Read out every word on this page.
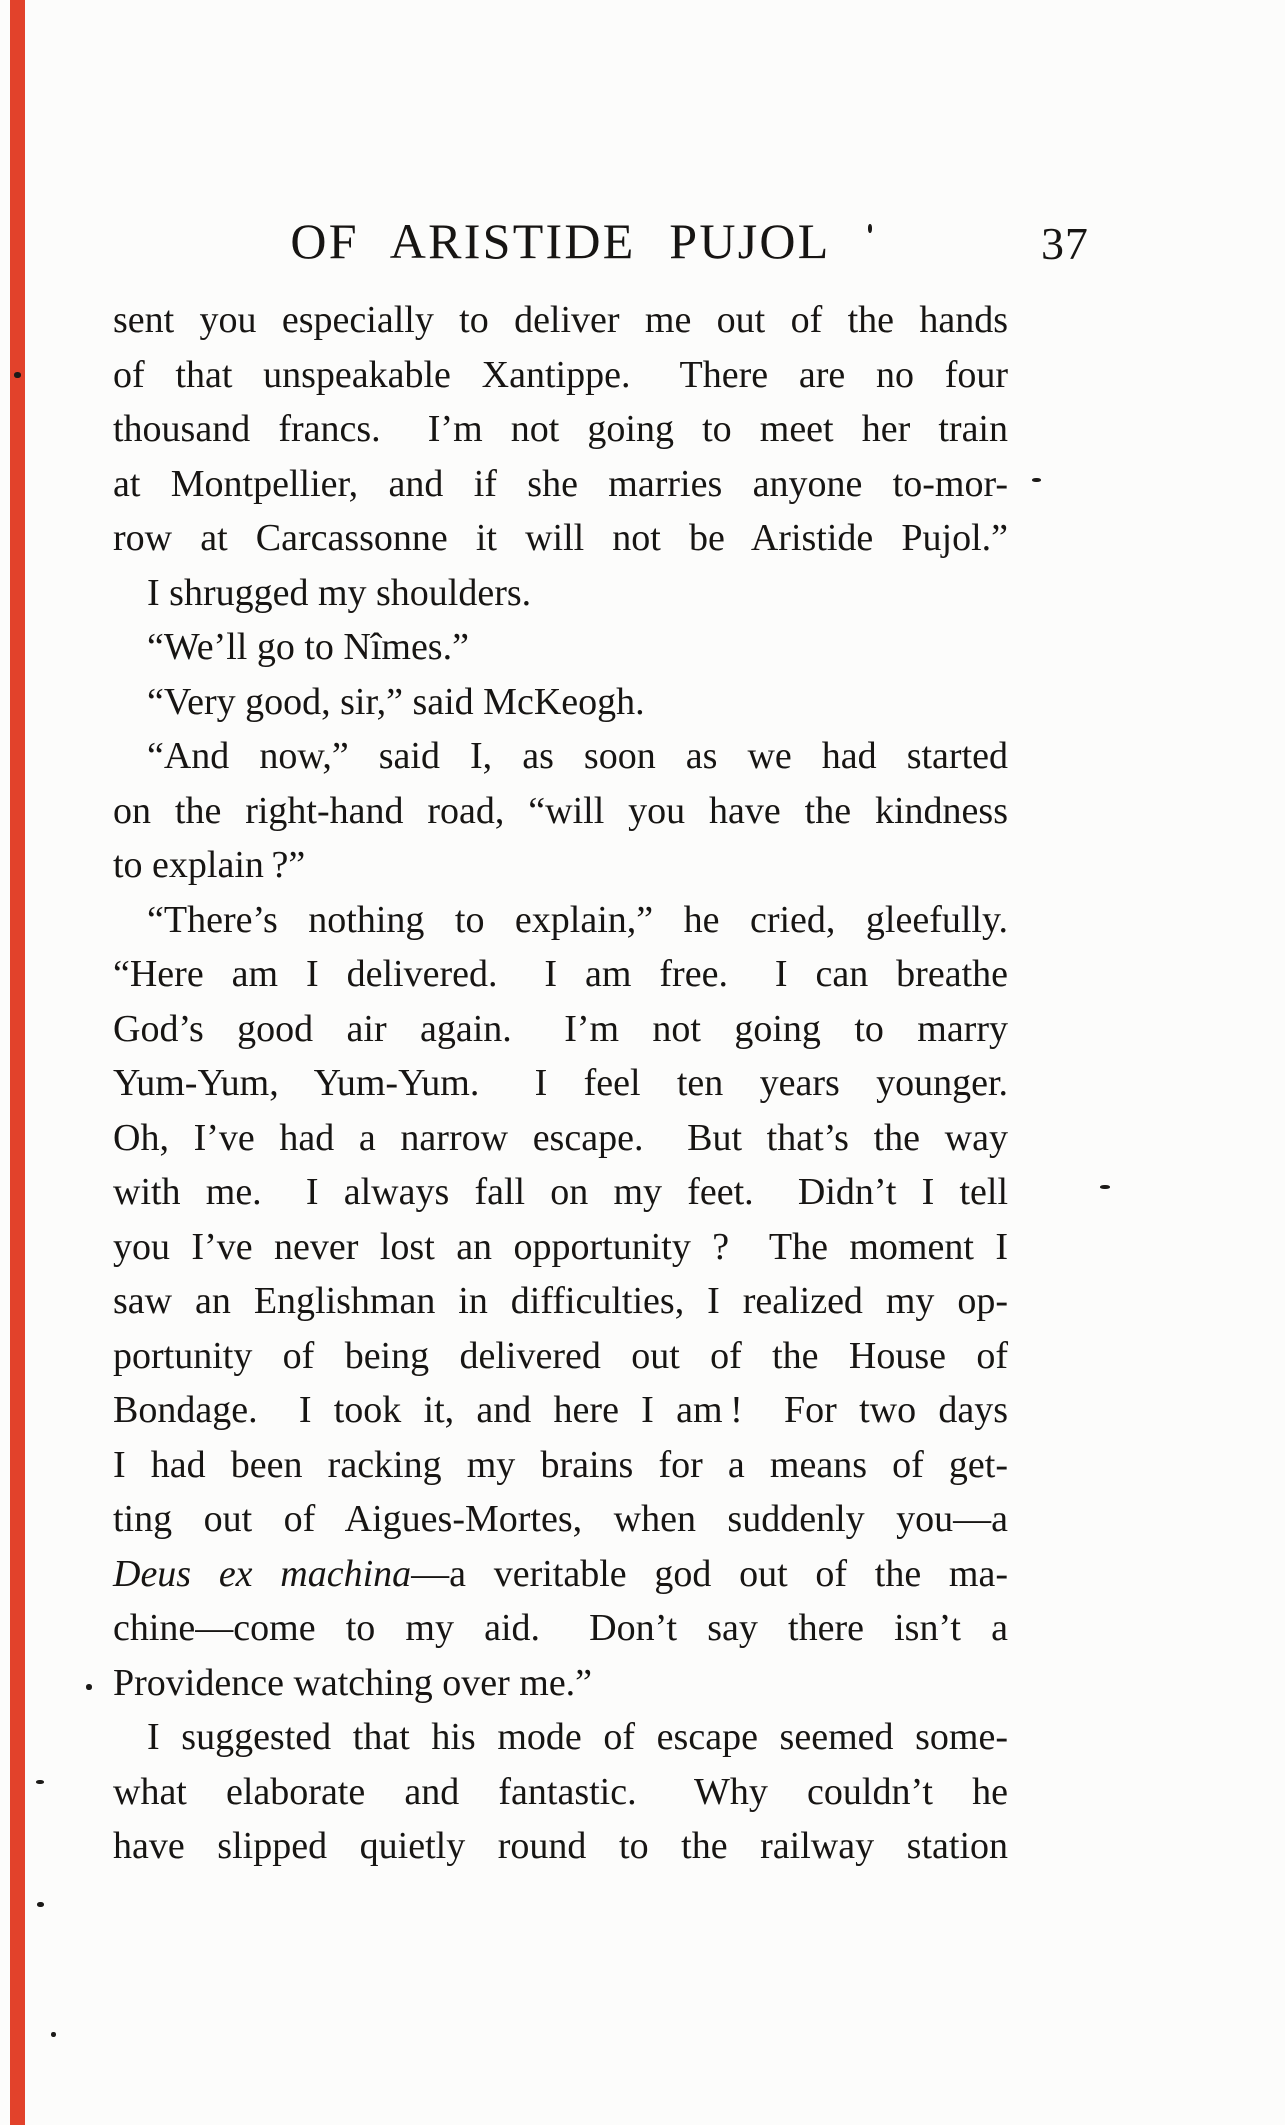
OF ARISTIDE PUJOL	37
sent you especially to deliver me out of the hands
of that unspeakable Xantippe.  There are no four
thousand francs.  I’m not going to meet her train
at Montpellier, and if she marries anyone to-mor-
row at Carcassonne it will not be Aristide Pujol.”
I shrugged my shoulders.
“We’ll go to Nîmes.”
“Very good, sir,” said McKeogh.
“And now,” said I, as soon as we had started
on the right-hand road, “will you have the kindness
to explain ?”
“There’s nothing to explain,” he cried, gleefully.
“Here am I delivered.  I am free.  I can breathe
God’s good air again.  I’m not going to marry
Yum-Yum, Yum-Yum.  I feel ten years younger.
Oh, I’ve had a narrow escape.  But that’s the way
with me.  I always fall on my feet.  Didn’t I tell
you I’ve never lost an opportunity ?  The moment I
saw an Englishman in difficulties, I realized my op-
portunity of being delivered out of the House of
Bondage.  I took it, and here I am !  For two days
I had been racking my brains for a means of get-
ting out of Aigues-Mortes, when suddenly you—a
Deus ex machina—a veritable god out of the ma-
chine—come to my aid.  Don’t say there isn’t a
Providence watching over me.”
I suggested that his mode of escape seemed some-
what elaborate and fantastic.  Why couldn’t he
have slipped quietly round to the railway station
